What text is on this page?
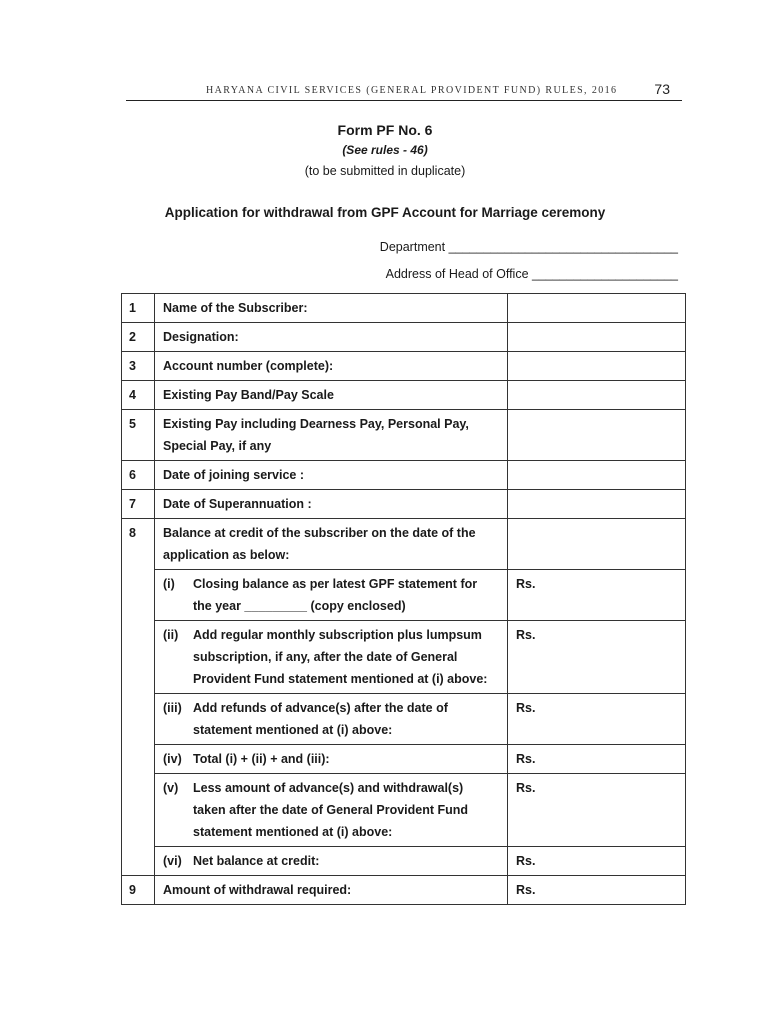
HARYANA CIVIL SERVICES (GENERAL PROVIDENT FUND) RULES, 2016	73
Form PF No. 6
(See rules - 46)
(to be submitted in duplicate)
Application for withdrawal from GPF Account for Marriage ceremony
Department _________________________________
Address of Head of Office _____________________
1	Name of the Subscriber:	
2	Designation:	
3	Account number (complete):	
4	Existing Pay Band/Pay Scale	
5	Existing Pay including Dearness Pay, Personal Pay, Special Pay, if any	
6	Date of joining service :	
7	Date of Superannuation :	
8	Balance at credit of the subscriber on the date of the application as below:	

	(i) Closing balance as per latest GPF statement for the year _________ (copy enclosed)	Rs.

	(ii) Add regular monthly subscription plus lumpsum subscription, if any, after the date of General Provident Fund statement mentioned at (i) above:	Rs.

	(iii) Add refunds of advance(s) after the date of statement mentioned at (i) above:	Rs.

	(iv) Total (i) + (ii) + and (iii):	Rs.

	(v) Less amount of advance(s) and withdrawal(s) taken after the date of General Provident Fund statement mentioned at (i) above:	Rs.

	(vi) Net balance at credit:	Rs.
9	Amount of withdrawal required:	Rs.
